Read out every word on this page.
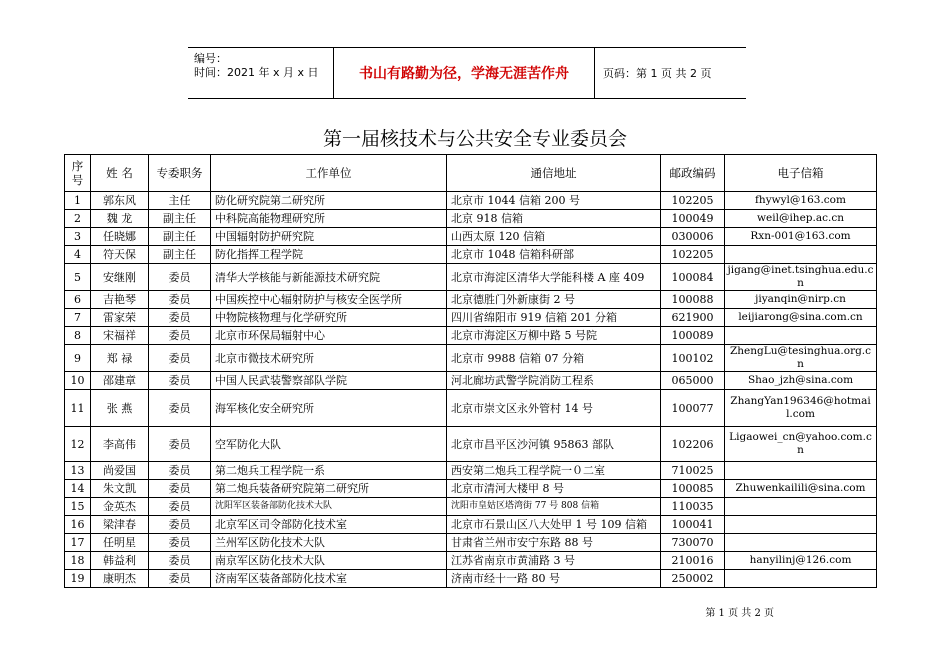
编号：
时间：2021 年 x 月 x 日	书山有路勤为径，学海无涯苦作舟	页码：第 1 页 共 2 页
第一届核技术与公共安全专业委员会
序号	姓 名	专委职务	工作单位	通信地址	邮政编码	电子信箱
1	郭东风	主任	防化研究院第二研究所	北京市 1044 信箱 200 号	102205	fhywyl@163.com
2	魏 龙	副主任	中科院高能物理研究所	北京 918 信箱	100049	weil@ihep.ac.cn
3	任晓娜	副主任	中国辐射防护研究院	山西太原 120 信箱	030006	Rxn-001@163.com
4	符天保	副主任	防化指挥工程学院	北京市 1048 信箱科研部	102205	
5	安继刚	委员	清华大学核能与新能源技术研究院	北京市海淀区清华大学能科楼 A 座 409	100084	jigang@inet.tsinghua.edu.cn
6	吉艳琴	委员	中国疾控中心辐射防护与核安全医学所	北京德胜门外新康街 2 号	100088	jiyanqin@nirp.cn
7	雷家荣	委员	中物院核物理与化学研究所	四川省绵阳市 919 信箱 201 分箱	621900	leijiarong@sina.com.cn
8	宋福祥	委员	北京市环保局辐射中心	北京市海淀区万柳中路 5 号院	100089	
9	郑 禄	委员	北京市微技术研究所	北京市 9988 信箱 07 分箱	100102	ZhengLu@tesinghua.org.cn
10	邵建章	委员	中国人民武装警察部队学院	河北廊坊武警学院消防工程系	065000	Shao_jzh@sina.com
11	张 燕	委员	海军核化安全研究所	北京市崇文区永外管村 14 号	100077	ZhangYan196346@hotmail.com
12	李高伟	委员	空军防化大队	北京市昌平区沙河镇 95863 部队	102206	Ligaowei_cn@yahoo.com.cn
13	尚爱国	委员	第二炮兵工程学院一系	西安第二炮兵工程学院一０二室	710025	
14	朱文凯	委员	第二炮兵装备研究院第二研究所	北京市清河大楼甲 8 号	100085	Zhuwenkailili@sina.com
15	金英杰	委员	沈阳军区装备部防化技术大队	沈阳市皇姑区塔湾街 77 号 808 信箱	110035	
16	梁津春	委员	北京军区司令部防化技术室	北京市石景山区八大处甲 1 号 109 信箱	100041	
17	任明星	委员	兰州军区防化技术大队	甘肃省兰州市安宁东路 88 号	730070	
18	韩益利	委员	南京军区防化技术大队	江苏省南京市黄浦路 3 号	210016	hanyilinj@126.com
19	康明杰	委员	济南军区装备部防化技术室	济南市经十一路 80 号	250002	
第 1 页 共 2 页
